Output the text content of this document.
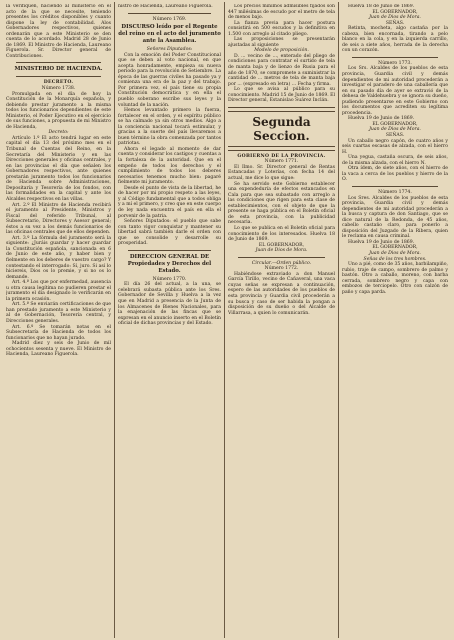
la verifiquen, haciendo al ministerio en el acto de la que se necesite, teniendo presentes los créditos disponibles y cuanto dispone la ley de contabilidad. Alos Gobernadores respectivos, quienes ordenarán que a este Ministerio se den cuenta de lo acordado. Madrid 28 de Junio de 1869. El Ministro de Hacienda, Laureano Figuerola. Sr. Director general de Contribuciones.

MINISTERIO DE HACIENDA.

DECRETO.

Número 1738.

Promulgada en el día de hoy la Constitución de la Monarquía española, y debiendo prestar juramento a la misma todos los funcionarios dependientes de este Ministerio, el Poder Ejecutivo en el ejercicio de sus funciones, a propuesta de mi Ministro de Hacienda,

Decreto:

Artículo 1.º El acto tendrá lugar en este capital el día 13 del próximo mes en el Tribunal de Cuentas del Reino, en la Secretaría del Ministerio y en las Direcciones generales y oficinas centrales, y en las provincias el día que señalen los Gobernadores respectivos, ante quienes prestarán juramento todos los funcionarios de Hacienda sobre Administraciones, Depositaría y Tesorería de los fondos, con las formalidades en la capital y ante los Alcaldes respectivos en las villas.

Art. 2.º El Ministro de Hacienda recibirá el juramento al Presidente, Ministros y Fiscal del referido Tribunal, al Subsecretario, Directores y Asesor general; éstos a su vez a los demás funcionarios de las oficinas centrales que de ellos dependen.

Art. 3.º La fórmula del juramento será la siguiente: ¿Juráis guardar y hacer guardar la Constitución española, sancionada en 6 de Junio de este año, y haber bien y fielmente en los deberes de vuestro cargo? Y contestando el interrogado: Sí, juro. Si así lo hiciereis, Dios os lo premie, y si no os lo demande.

Art. 4.º Los que por enfermedad, ausencia u otra causa legítima no pudieren prestar el juramento el día designado lo verificarán en la primera ocasión.

Art. 5.º Se enviarán certificaciones de que han prestado juramento a este Ministerio y al de Gobernación, Tesorería central, y Direcciones generales.

Art. 6.º Se tomarán notas en el Subsecretaría de Hacienda de todos los funcionarios que no hayan jurado.

Madrid diez y seis de Junio de mil ochocientos sesenta y nueve. El Ministro de Hacienda, Laureano Figuerola.

nistro de Hacienda, Laureano Figuerola.

Número 1769.

DISCURSO leído por el Regente del reino en el acto del juramento ante la Asamblea.

Señores Diputados:

Con la emoción del Poder Constitucional que se deben al voto nacional, en que acepta honradamente, empieza su nueva período para la revolución de Setiembre. La época de las guerras civiles ha pasado ya y comienza una era de la paz y del trabajo. Por primera vez, el país tiene su propia Constitución democrática y en ella el pueblo soberano escribe sus leyes y la voluntad de la nación.

Hemos levantado primero la fuerza, fortalecer en el orden, y el espíritu público se ha calmado ya sin otros medios. Algo a la conciencia nacional tocará estimular, y gracias a la suerte del país llevaremos a buen término la obra comenzada por tantos patriotas.

Ahora el legado al momento de dar cuenta y considerar los castigos y cuentas a la fortaleza de la autoridad. Que en el empeño de todos los derechos y el cumplimiento de todos los deberes necesarios tenemos mucho bien: pagaré fielmente mi juramento.

Desde el punto de vista de la libertad, he de hacer por mi propio respeto a las leyes, y al Código fundamental que a todos obliga y a mí el primero, y creo que en este cuerpo de ley nada encuentra el país en ella el porvenir de la patria.

Señores Diputados: el pueblo que sabe con tanto vigor conquistar y mantener su libertad sabrá también darle el orden con que se consolide y desarrolle su prosperidad.

DIRECCION GENERAL DE Propiedades y Derechos del Estado.

Número 1770.

El día 26 del actual, a la una, se celebrará subasta pública ante los Sres. Gobernador de Sevilla y Huelva a la vez que en Madrid a presencia de la Junta de los Almacenes de Bienes Nacionales, para la enajenación de las fincas que se expresan en el anuncio inserto en el Boletín oficial de dichas provincias y del Estado.

Los precios mínimos admisibles fijados son 447 milésimas de escudo por el metro de tela de menos bajo.

La fianza previa para hacer postura consistirá en 500 escudos y la definitiva en 1.500 con arreglo al citado pliego.

Las proposiciones se presentarán ajustadas al siguiente

Modelo de proposición.

D. ... vecino de ..., enterado del pliego de condiciones para contratar el surtido de tela de manta baja y de lienzo de Rusia para el año de 1870, se compromete a suministrar la cantidad de ... metros de tela de manta baja por ... (expresado en letra) ... Fecha y firma.

Lo que se avisa al público para su conocimiento. Madrid 15 de Junio de 1869. El Director general, Estanislao Suárez Inclán.

Segunda Seccion.

GOBIERNO DE LA PROVINCIA.

Número 1771.

El Ilmo. Sr. Director general de Rentas Estancadas y Loterías, con fecha 14 del actual, me dice lo que sigue:

Se ha servido este Gobierno establecer una expendeduría de efectos estancados en Cala para que sea subastado con arreglo a las condiciones que rigen para esta clase de establecimientos, con el objeto de que la presente se haga pública en el Boletín oficial de esta provincia, con la publicidad necesaria.

Lo que se publica en el Boletín oficial para conocimiento de los interesados. Huelva 18 de Junio de 1869.

EL GOBERNADOR,

Juan de Dios de Mora.

Circular.—Orden público.

Número 1772.

Habiéndose extraviado a don Manuel García Tirillo, vecino de Cañaveral, una vaca cuyas señas se expresan a continuación, espero de las autoridades de los pueblos de esta provincia y Guardia civil procederán a su busca y caso de ser habida la pongan a disposición de su dueño o del Alcalde de Villarrasa, a quien lo comunicarán.

Huelva 18 de Junio de 1869.

EL GOBERNADOR,

Juan de Dios de Mora.

SEÑAS.

Retinta, mocheta, algo castaña por la cabeza, bien encornada, tirando a pelo blanco en la cola, y en la izquierda carrillo, de seis a siete años, herrada de la derecha con un corazón.

Número 1773.

Los Srs. Alcaldes de los pueblos de esta provincia, Guardia civil y demás dependientes de mi autoridad procederán a investigar el paradero de una caballería que en su pasado día de ayer se extravió de la dehesa de Valdehuebra y se ignora su dueño, pudiendo presentarse en este Gobierno con los documentos que acrediten su legítima procedencia.

Huelva 19 de Junio de 1869.

EL GOBERNADOR,

Juan de Dios de Mora.

SEÑAS.

Un caballo negro capón, de cuatro años y seis cuartas escasas de alzada, con el hierro H.

Una yegua, castaña oscura, de seis años, de la misma alzada, con el hierro N.

Otra ídem, de siete años, con el hierro de la vaca a cerca de los pueblos y hierro de la O.

Número 1774.

Los Sres. Alcaldes de los pueblos de esta provincia, Guardia civil y demás dependientes de mi autoridad procederán a la busca y captura de don Santiago, que se dice natural de la Redonda, de 45 años, cabello castaño claro, para ponerlo a disposición del Juzgado de la Ribera, quien le reclama en causa criminal.

Huelva 19 de Junio de 1869.

EL GOBERNADOR,

Juan de Dios de Mora.

Señas de los tres hombres.

Uno a pié, como de 35 años, barbilampiño, rubio, traje de campo, sombrero de palmo y bastón. Otro a caballo, moreno, con barba cerrada, sombrero negro y capa con embozos de terciopelo. Otro con calzón de paño y capa parda.
